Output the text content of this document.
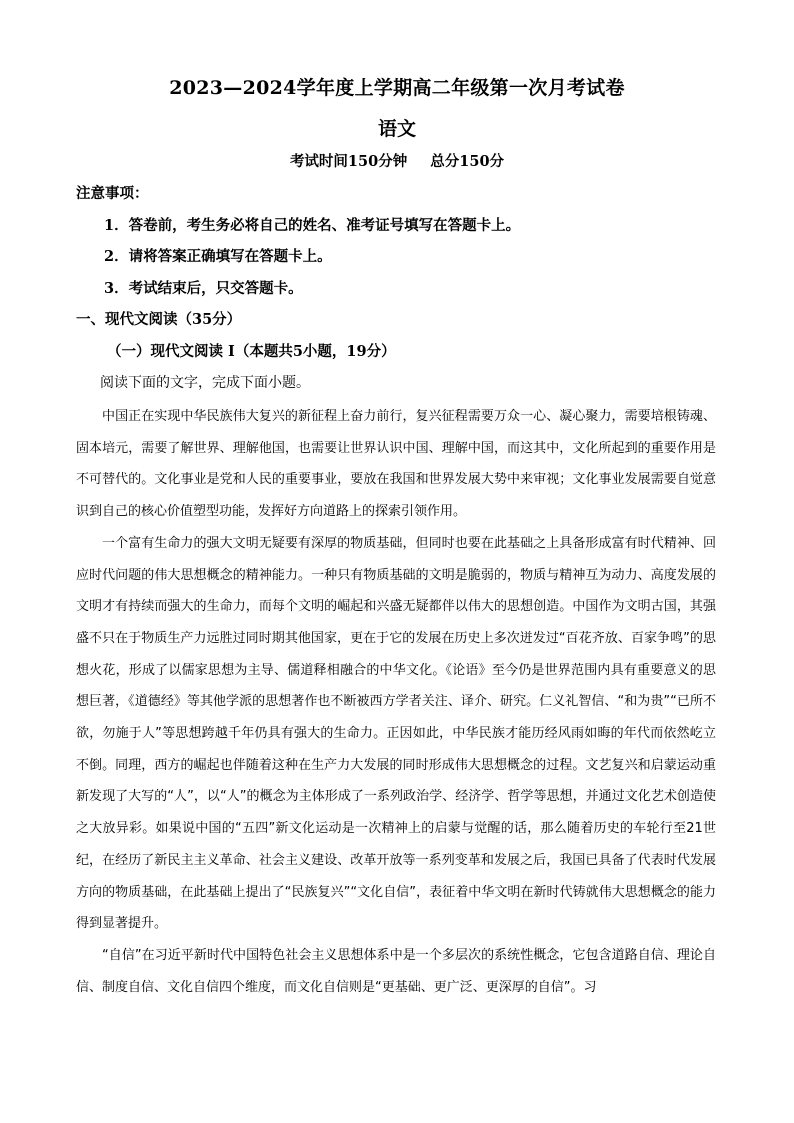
2023—2024学年度上学期高二年级第一次月考试卷
语文
考试时间150分钟 总分150分
注意事项：
1．答卷前，考生务必将自己的姓名、准考证号填写在答题卡上。
2．请将答案正确填写在答题卡上。
3．考试结束后，只交答题卡。
一、现代文阅读（35分）
（一）现代文阅读 I（本题共5小题，19分）
阅读下面的文字，完成下面小题。

中国正在实现中华民族伟大复兴的新征程上奋力前行，复兴征程需要万众一心、凝心聚力，需要培根铸魂、固本培元，需要了解世界、理解他国，也需要让世界认识中国、理解中国，而这其中，文化所起到的重要作用是不可替代的。文化事业是党和人民的重要事业，要放在我国和世界发展大势中来审视；文化事业发展需要自觉意识到自己的核心价值塑型功能，发挥好方向道路上的探索引领作用。

一个富有生命力的强大文明无疑要有深厚的物质基础，但同时也要在此基础之上具备形成富有时代精神、回应时代问题的伟大思想概念的精神能力。一种只有物质基础的文明是脆弱的，物质与精神互为动力、高度发展的文明才有持续而强大的生命力，而每个文明的崛起和兴盛无疑都伴以伟大的思想创造。中国作为文明古国，其强盛不只在于物质生产力远胜过同时期其他国家，更在于它的发展在历史上多次迸发过“百花齐放、百家争鸣”的思想火花，形成了以儒家思想为主导、儒道释相融合的中华文化。《论语》至今仍是世界范围内具有重要意义的思想巨著，《道德经》等其他学派的思想著作也不断被西方学者关注、译介、研究。仁义礼智信、“和为贵”“已所不欲，勿施于人”等思想跨越千年仍具有强大的生命力。正因如此，中华民族才能历经风雨如晦的年代而依然屹立不倒。同理，西方的崛起也伴随着这种在生产力大发展的同时形成伟大思想概念的过程。文艺复兴和启蒙运动重新发现了大写的“人”，以“人”的概念为主体形成了一系列政治学、经济学、哲学等思想，并通过文化艺术创造使之大放异彩。如果说中国的“五四”新文化运动是一次精神上的启蒙与觉醒的话，那么随着历史的车轮行至21世纪，在经历了新民主主义革命、社会主义建设、改革开放等一系列变革和发展之后，我国已具备了代表时代发展方向的物质基础，在此基础上提出了“民族复兴”“文化自信”，表征着中华文明在新时代铸就伟大思想概念的能力得到显著提升。

“自信”在习近平新时代中国特色社会主义思想体系中是一个多层次的系统性概念，它包含道路自信、理论自信、制度自信、文化自信四个维度，而文化自信则是“更基础、更广泛、更深厚的自信”。习
